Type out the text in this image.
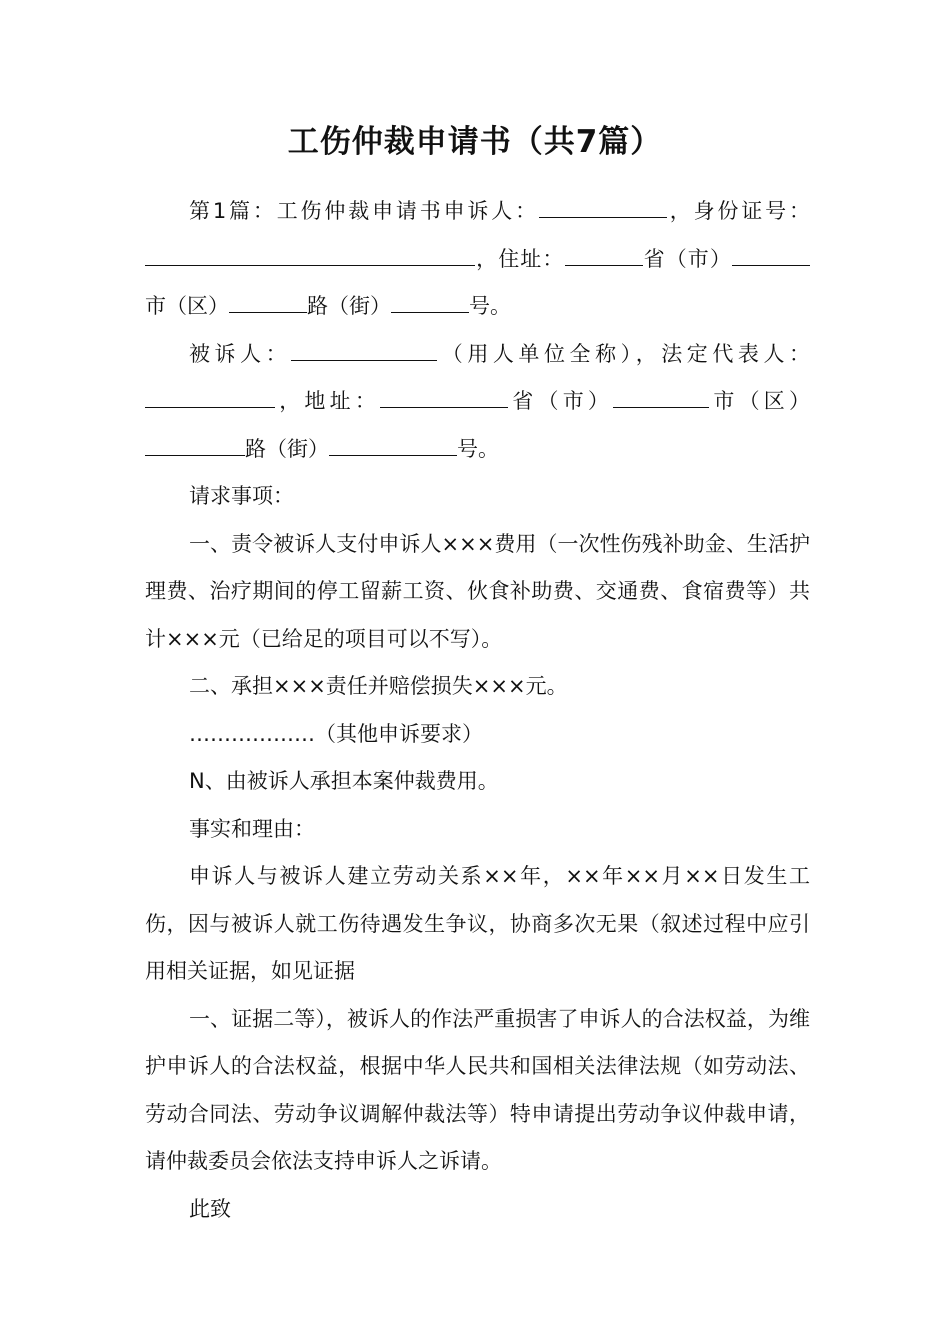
工伤仲裁申请书（共7篇）

第1篇：工伤仲裁申请书申诉人：	，身份证号：，住址：	省（市）市（区）	路（街）	号。

被诉人：	（用人单位全称），法定代表人：，地址：	省（市）	市（区）路（街）	号。

请求事项：

一、责令被诉人支付申诉人×××费用（一次性伤残补助金、生活护理费、治疗期间的停工留薪工资、伙食补助费、交通费、食宿费等）共计×××元（已给足的项目可以不写）。

二、承担×××责任并赔偿损失×××元。

………………（其他申诉要求）

N、由被诉人承担本案仲裁费用。

事实和理由：

申诉人与被诉人建立劳动关系××年，××年××月××日发生工伤，因与被诉人就工伤待遇发生争议，协商多次无果（叙述过程中应引用相关证据，如见证据

一、证据二等），被诉人的作法严重损害了申诉人的合法权益，为维护申诉人的合法权益，根据中华人民共和国相关法律法规（如劳动法、劳动合同法、劳动争议调解仲裁法等）特申请提出劳动争议仲裁申请，请仲裁委员会依法支持申诉人之诉请。

此致
